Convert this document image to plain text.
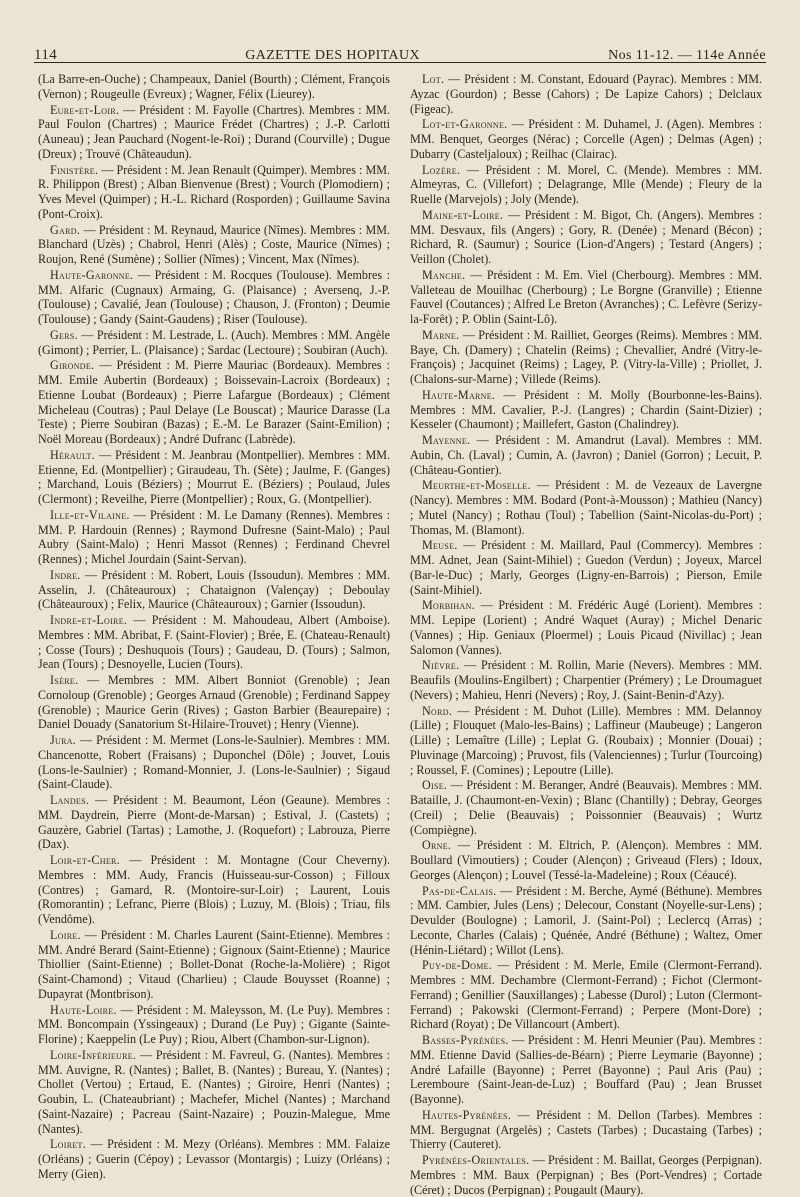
114	GAZETTE DES HOPITAUX	Nos 11-12. — 114e Année

(La Barre-en-Ouche) ; Champeaux, Daniel (Bourth) ; Clément, François (Vernon) ; Rougeulle (Evreux) ; Wagner, Félix (Lieurey).

Eure-et-Loir. — Président : M. Fayolle (Chartres). Membres : MM. Paul Foulon (Chartres) ; Maurice Frédet (Chartres) ; J.-P. Carlotti (Auneau) ; Jean Pauchard (Nogent-le-Roi) ; Durand (Courville) ; Dugue (Dreux) ; Trouvé (Châteaudun).

Finistère. — Président : M. Jean Renault (Quimper). Membres : MM. R. Philippon (Brest) ; Alban Bienvenue (Brest) ; Vourch (Plomodiern) ; Yves Mevel (Quimper) ; H.-L. Richard (Rosporden) ; Guillaume Savina (Pont-Croix).

Gard. — Président : M. Reynaud, Maurice (Nîmes). Membres : MM. Blanchard (Uzès) ; Chabrol, Henri (Alès) ; Coste, Maurice (Nîmes) ; Roujon, René (Sumène) ; Sollier (Nîmes) ; Vincent, Max (Nîmes).

Haute-Garonne. — Président : M. Rocques (Toulouse). Membres : MM. Alfaric (Cugnaux) Armaing, G. (Plaisance) ; Aversenq, J.-P. (Toulouse) ; Cavalié, Jean (Toulouse) ; Chauson, J. (Fronton) ; Deumie (Toulouse) ; Gandy (Saint-Gaudens) ; Riser (Toulouse).

Gers. — Président : M. Lestrade, L. (Auch). Membres : MM. Angèle (Gimont) ; Perrier, L. (Plaisance) ; Sardac (Lectoure) ; Soubiran (Auch).

Gironde. — Président : M. Pierre Mauriac (Bordeaux). Membres : MM. Emile Aubertin (Bordeaux) ; Boissevain-Lacroix (Bordeaux) ; Etienne Loubat (Bordeaux) ; Pierre Lafargue (Bordeaux) ; Clément Micheleau (Coutras) ; Paul Delaye (Le Bouscat) ; Maurice Darasse (La Teste) ; Pierre Soubiran (Bazas) ; E.-M. Le Barazer (Saint-Emilion) ; Noël Moreau (Bordeaux) ; André Dufranc (Labrède).

Hérault. — Président : M. Jeanbrau (Montpellier). Membres : MM. Etienne, Ed. (Montpellier) ; Giraudeau, Th. (Sète) ; Jaulme, F. (Ganges) ; Marchand, Louis (Béziers) ; Mourrut E. (Béziers) ; Poulaud, Jules (Clermont) ; Reveilhe, Pierre (Montpellier) ; Roux, G. (Montpellier).

Ille-et-Vilaine. — Président : M. Le Damany (Rennes). Membres : MM. P. Hardouin (Rennes) ; Raymond Dufresne (Saint-Malo) ; Paul Aubry (Saint-Malo) ; Henri Massot (Rennes) ; Ferdinand Chevrel (Rennes) ; Michel Jourdain (Saint-Servan).

Indre. — Président : M. Robert, Louis (Issoudun). Membres : MM. Asselin, J. (Châteauroux) ; Chataignon (Valençay) ; Deboulay (Châteauroux) ; Felix, Maurice (Châteauroux) ; Garnier (Issoudun).

Indre-et-Loire. — Président : M. Mahoudeau, Albert (Amboise). Membres : MM. Abribat, F. (Saint-Flovier) ; Brée, E. (Chateau-Renault) ; Cosse (Tours) ; Deshuquois (Tours) ; Gaudeau, D. (Tours) ; Salmon, Jean (Tours) ; Desnoyelle, Lucien (Tours).

Isère. — Membres : MM. Albert Bonniot (Grenoble) ; Jean Cornoloup (Grenoble) ; Georges Arnaud (Grenoble) ; Ferdinand Sappey (Grenoble) ; Maurice Gerin (Rives) ; Gaston Barbier (Beaurepaire) ; Daniel Douady (Sanatorium St-Hilaire-Trouvet) ; Henry (Vienne).

Jura. — Président : M. Mermet (Lons-le-Saulnier). Membres : MM. Chancenotte, Robert (Fraisans) ; Duponchel (Dôle) ; Jouvet, Louis (Lons-le-Saulnier) ; Romand-Monnier, J. (Lons-le-Saulnier) ; Sigaud (Saint-Claude).

Landes. — Président : M. Beaumont, Léon (Geaune). Membres : MM. Daydrein, Pierre (Mont-de-Marsan) ; Estival, J. (Castets) ; Gauzère, Gabriel (Tartas) ; Lamothe, J. (Roquefort) ; Labrouza, Pierre (Dax).

Loir-et-Cher. — Président : M. Montagne (Cour Cheverny). Membres : MM. Audy, Francis (Huisseau-sur-Cosson) ; Filloux (Contres) ; Gamard, R. (Montoire-sur-Loir) ; Laurent, Louis (Romorantin) ; Lefranc, Pierre (Blois) ; Luzuy, M. (Blois) ; Triau, fils (Vendôme).

Loire. — Président : M. Charles Laurent (Saint-Etienne). Membres : MM. André Berard (Saint-Etienne) ; Gignoux (Saint-Etienne) ; Maurice Thiollier (Saint-Etienne) ; Bollet-Donat (Roche-la-Molière) ; Rigot (Saint-Chamond) ; Vitaud (Charlieu) ; Claude Bouysset (Roanne) ; Dupayrat (Montbrison).

Haute-Loire. — Président : M. Maleysson, M. (Le Puy). Membres : MM. Boncompain (Yssingeaux) ; Durand (Le Puy) ; Gigante (Sainte-Florine) ; Kaeppelin (Le Puy) ; Riou, Albert (Chambon-sur-Lignon).

Loire-Inférieure. — Président : M. Favreul, G. (Nantes). Membres : MM. Auvigne, R. (Nantes) ; Ballet, B. (Nantes) ; Bureau, Y. (Nantes) ; Chollet (Vertou) ; Ertaud, E. (Nantes) ; Giroire, Henri (Nantes) ; Goubin, L. (Chateaubriant) ; Machefer, Michel (Nantes) ; Marchand (Saint-Nazaire) ; Pacreau (Saint-Nazaire) ; Pouzin-Malegue, Mme (Nantes).

Loiret. — Président : M. Mezy (Orléans). Membres : MM. Falaize (Orléans) ; Guerin (Cépoy) ; Levassor (Montargis) ; Luizy (Orléans) ; Merry (Gien).

Lot. — Président : M. Constant, Edouard (Payrac). Membres : MM. Ayzac (Gourdon) ; Besse (Cahors) ; De Lapize Cahors) ; Delclaux (Figeac).

Lot-et-Garonne. — Président : M. Duhamel, J. (Agen). Membres : MM. Benquet, Georges (Nérac) ; Corcelle (Agen) ; Delmas (Agen) ; Dubarry (Casteljaloux) ; Reilhac (Clairac).

Lozère. — Président : M. Morel, C. (Mende). Membres : MM. Almeyras, C. (Villefort) ; Delagrange, Mlle (Mende) ; Fleury de la Ruelle (Marvejols) ; Joly (Mende).

Maine-et-Loire. — Président : M. Bigot, Ch. (Angers). Membres : MM. Desvaux, fils (Angers) ; Gory, R. (Denée) ; Menard (Bécon) ; Richard, R. (Saumur) ; Sourice (Lion-d'Angers) ; Testard (Angers) ; Veillon (Cholet).

Manche. — Président : M. Em. Viel (Cherbourg). Membres : MM. Valleteau de Mouilhac (Cherbourg) ; Le Borgne (Granville) ; Etienne Fauvel (Coutances) ; Alfred Le Breton (Avranches) ; C. Lefèvre (Serizy-la-Forêt) ; P. Oblin (Saint-Lô).

Marne. — Président : M. Railliet, Georges (Reims). Membres : MM. Baye, Ch. (Damery) ; Chatelin (Reims) ; Chevallier, André (Vitry-le-François) ; Jacquinet (Reims) ; Lagey, P. (Vitry-la-Ville) ; Priollet, J. (Chalons-sur-Marne) ; Villede (Reims).

Haute-Marne. — Président : M. Molly (Bourbonne-les-Bains). Membres : MM. Cavalier, P.-J. (Langres) ; Chardin (Saint-Dizier) ; Kesseler (Chaumont) ; Maillefert, Gaston (Chalindrey).

Mayenne. — Président : M. Amandrut (Laval). Membres : MM. Aubin, Ch. (Laval) ; Cumin, A. (Javron) ; Daniel (Gorron) ; Lecuit, P. (Château-Gontier).

Meurthe-et-Moselle. — Président : M. de Vezeaux de Lavergne (Nancy). Membres : MM. Bodard (Pont-à-Mousson) ; Mathieu (Nancy) ; Mutel (Nancy) ; Rothau (Toul) ; Tabellion (Saint-Nicolas-du-Port) ; Thomas, M. (Blamont).

Meuse. — Président : M. Maillard, Paul (Commercy). Membres : MM. Adnet, Jean (Saint-Mihiel) ; Guedon (Verdun) ; Joyeux, Marcel (Bar-le-Duc) ; Marly, Georges (Ligny-en-Barrois) ; Pierson, Emile (Saint-Mihiel).

Morbihan. — Président : M. Frédéric Augé (Lorient). Membres : MM. Lepipe (Lorient) ; André Waquet (Auray) ; Michel Denaric (Vannes) ; Hip. Geniaux (Ploermel) ; Louis Picaud (Nivillac) ; Jean Salomon (Vannes).

Nièvre. — Président : M. Rollin, Marie (Nevers). Membres : MM. Beaufils (Moulins-Engilbert) ; Charpentier (Prémery) ; Le Droumaguet (Nevers) ; Mahieu, Henri (Nevers) ; Roy, J. (Saint-Benin-d'Azy).

Nord. — Président : M. Duhot (Lille). Membres : MM. Delannoy (Lille) ; Flouquet (Malo-les-Bains) ; Laffineur (Maubeuge) ; Langeron (Lille) ; Lemaître (Lille) ; Leplat G. (Roubaix) ; Monnier (Douai) ; Pluvinage (Marcoing) ; Pruvost, fils (Valenciennes) ; Turlur (Tourcoing) ; Roussel, F. (Comines) ; Lepoutre (Lille).

Oise. — Président : M. Beranger, André (Beauvais). Membres : MM. Bataille, J. (Chaumont-en-Vexin) ; Blanc (Chantilly) ; Debray, Georges (Creil) ; Delie (Beauvais) ; Poissonnier (Beauvais) ; Wurtz (Compiègne).

Orne. — Président : M. Eltrich, P. (Alençon). Membres : MM. Boullard (Vimoutiers) ; Couder (Alençon) ; Griveaud (Flers) ; Idoux, Georges (Alençon) ; Louvel (Tessé-la-Madeleine) ; Roux (Céaucé).

Pas-de-Calais. — Président : M. Berche, Aymé (Béthune). Membres : MM. Cambier, Jules (Lens) ; Delecour, Constant (Noyelle-sur-Lens) ; Devulder (Boulogne) ; Lamoril, J. (Saint-Pol) ; Leclercq (Arras) ; Leconte, Charles (Calais) ; Quénée, André (Béthune) ; Waltez, Omer (Hénin-Liétard) ; Willot (Lens).

Puy-de-Dome. — Président : M. Merle, Emile (Clermont-Ferrand). Membres : MM. Dechambre (Clermont-Ferrand) ; Fichot (Clermont-Ferrand) ; Genillier (Sauxillanges) ; Labesse (Durol) ; Luton (Clermont-Ferrand) ; Pakowski (Clermont-Ferrand) ; Perpere (Mont-Dore) ; Richard (Royat) ; De Villancourt (Ambert).

Basses-Pyrénées. — Président : M. Henri Meunier (Pau). Membres : MM. Etienne David (Sallies-de-Béarn) ; Pierre Leymarie (Bayonne) ; André Lafaille (Bayonne) ; Perret (Bayonne) ; Paul Aris (Pau) ; Leremboure (Saint-Jean-de-Luz) ; Bouffard (Pau) ; Jean Brusset (Bayonne).

Hautes-Pyrénées. — Président : M. Dellon (Tarbes). Membres : MM. Bergugnat (Argelès) ; Castets (Tarbes) ; Ducastaing (Tarbes) ; Thierry (Cauteret).

Pyrénées-Orientales. — Président : M. Baillat, Georges (Perpignan). Membres : MM. Baux (Perpignan) ; Bes (Port-Vendres) ; Cortade (Céret) ; Ducos (Perpignan) ; Pougault (Maury).
